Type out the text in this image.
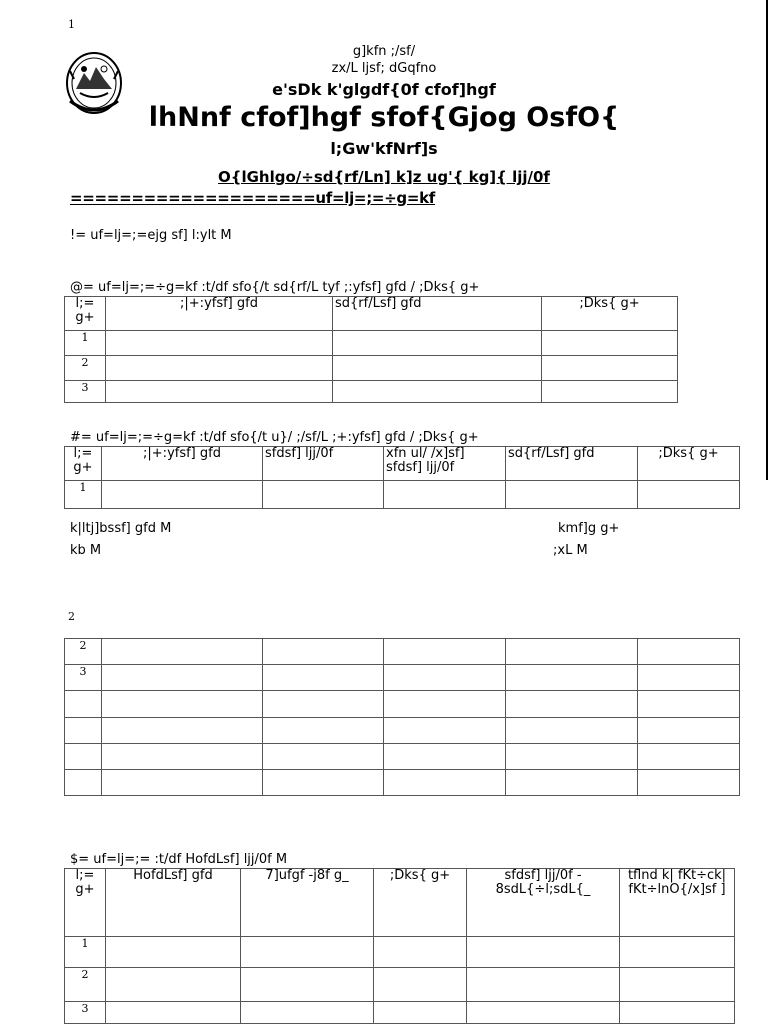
1
g]kfn ;/sf/
zx/L ljsf; dGqfno
e'sDk k'glgdf{0f cfof]hgf
lhNnf cfof]hgf sfof{Gjog OsfO{
l;Gw'kfNrf]s
O{lGhlgo/÷sd{rf/Ln] k]z ug'{ kg]{ ljj/0f
====================uf=lj=;=÷g=kf
!= uf=lj=;=ejg sf] l:ylt M
@= uf=lj=;=÷g=kf :t/df sfo{/t sd{rf/L tyf ;:yfsf] gfd / ;Dks{ g+
l;= g+	;|+:yfsf] gfd	sd{rf/Lsf] gfd	;Dks{ g+
1			
2			
3			
#= uf=lj=;=÷g=kf :t/df sfo{/t u}/ ;/sf/L ;+:yfsf] gfd / ;Dks{ g+
l;= g+	;|+:yfsf] gfd	sfdsf] ljj/0f	xfn ul/ /x]sf] sfdsf] ljj/0f	sd{rf/Lsf] gfd	;Dks{ g+
1					
k|ltj]bssf] gfd M
kb M
kmf]g g+
;xL M
2
2					
3					

$= uf=lj=;= :t/df HofdLsf] ljj/0f M
l;= g+	HofdLsf] gfd	7]ufgf -j8f g_	;Dks{ g+	sfdsf] ljj/0f - 8sdL{÷l;sdL{_	tflnd k| fKt÷ck| fKt÷lnO{/x]sf ]
1					
2					
3					
